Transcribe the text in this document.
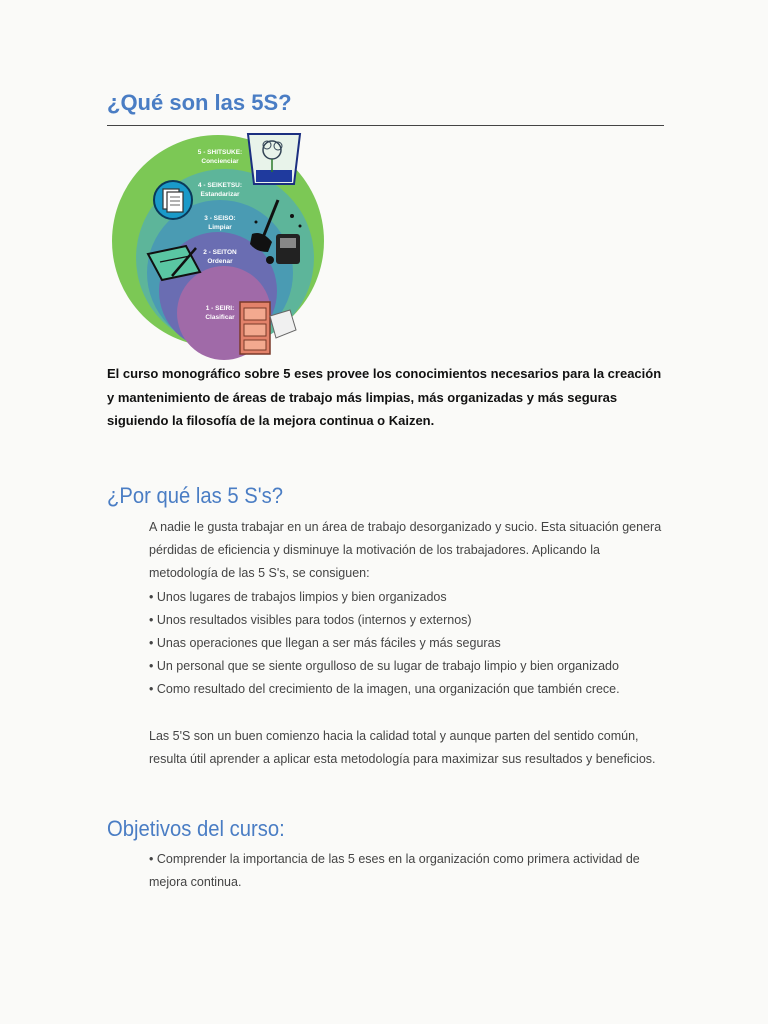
¿Qué son las 5S?
5 - SHITSUKE:
Concienciar
4 - SEIKETSU:
Estandarizar
3 - SEISO:
Limpiar
2 - SEITON
Ordenar
1 - SEIRI:
Clasificar

El curso monográfico sobre 5 eses provee los conocimientos necesarios para la creación y mantenimiento de áreas de trabajo más limpias, más organizadas y más seguras siguiendo la filosofía de la mejora continua o Kaizen.

¿Por qué las 5 S's?

A nadie le gusta trabajar en un área de trabajo desorganizado y sucio. Esta situación genera pérdidas de eficiencia y disminuye la motivación de los trabajadores. Aplicando la metodología de las 5 S's, se consiguen:

• Unos lugares de trabajos limpios y bien organizados
• Unos resultados visibles para todos (internos y externos)
• Unas operaciones que llegan a ser más fáciles y más seguras
• Un personal que se siente orgulloso de su lugar de trabajo limpio y bien organizado
• Como resultado del crecimiento de la imagen, una organización que también crece.

Las 5'S son un buen comienzo hacia la calidad total y aunque parten del sentido común, resulta útil aprender a aplicar esta metodología para maximizar sus resultados y beneficios.

Objetivos del curso:

• Comprender la importancia de las 5 eses en la organización como primera actividad de mejora continua.
